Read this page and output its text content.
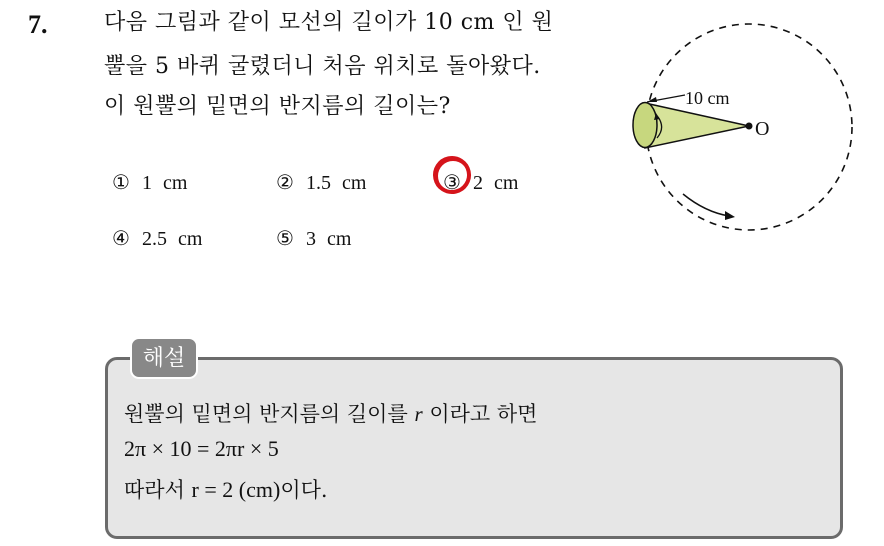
7.	다음 그림과 같이 모선의 길이가 10 cm 인 원
뿔을 5 바퀴 굴렸더니 처음 위치로 돌아왔다.
이 원뿔의 밑면의 반지름의 길이는?
① 1 cm	② 1.5 cm	③ 2 cm
④ 2.5 cm	⑤ 3 cm
10 cm
O
해설
원뿔의 밑면의 반지름의 길이를 r 이라고 하면
2π × 10 = 2πr × 5
따라서 r = 2 (cm)이다.
